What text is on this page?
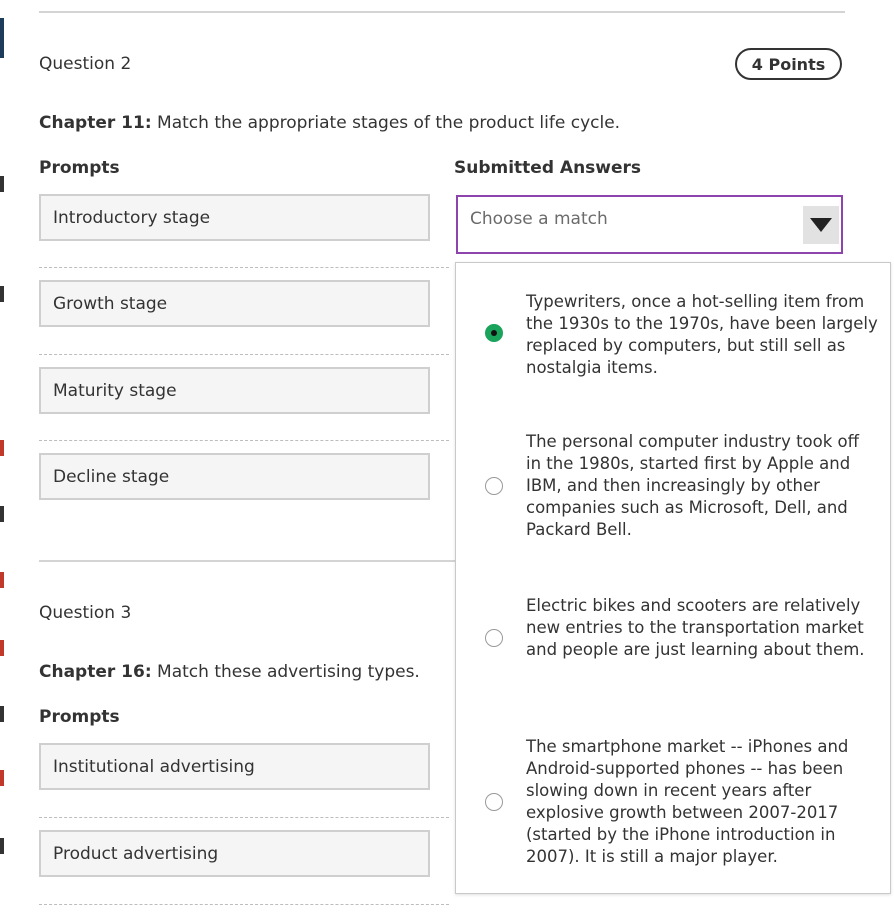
Question 2	4 Points
Chapter 11: Match the appropriate stages of the product life cycle.
Prompts	Submitted Answers
Introductory stage
Growth stage
Maturity stage
Decline stage
Question 3
Chapter 16: Match these advertising types.
Prompts
Institutional advertising
Product advertising
Choose a match
Typewriters, once a hot-selling item from the 1930s to the 1970s, have been largely replaced by computers, but still sell as nostalgia items.
The personal computer industry took off in the 1980s, started first by Apple and IBM, and then increasingly by other companies such as Microsoft, Dell, and Packard Bell.
Electric bikes and scooters are relatively new entries to the transportation market and people are just learning about them.
The smartphone market -- iPhones and Android-supported phones -- has been slowing down in recent years after explosive growth between 2007-2017 (started by the iPhone introduction in 2007). It is still a major player.
